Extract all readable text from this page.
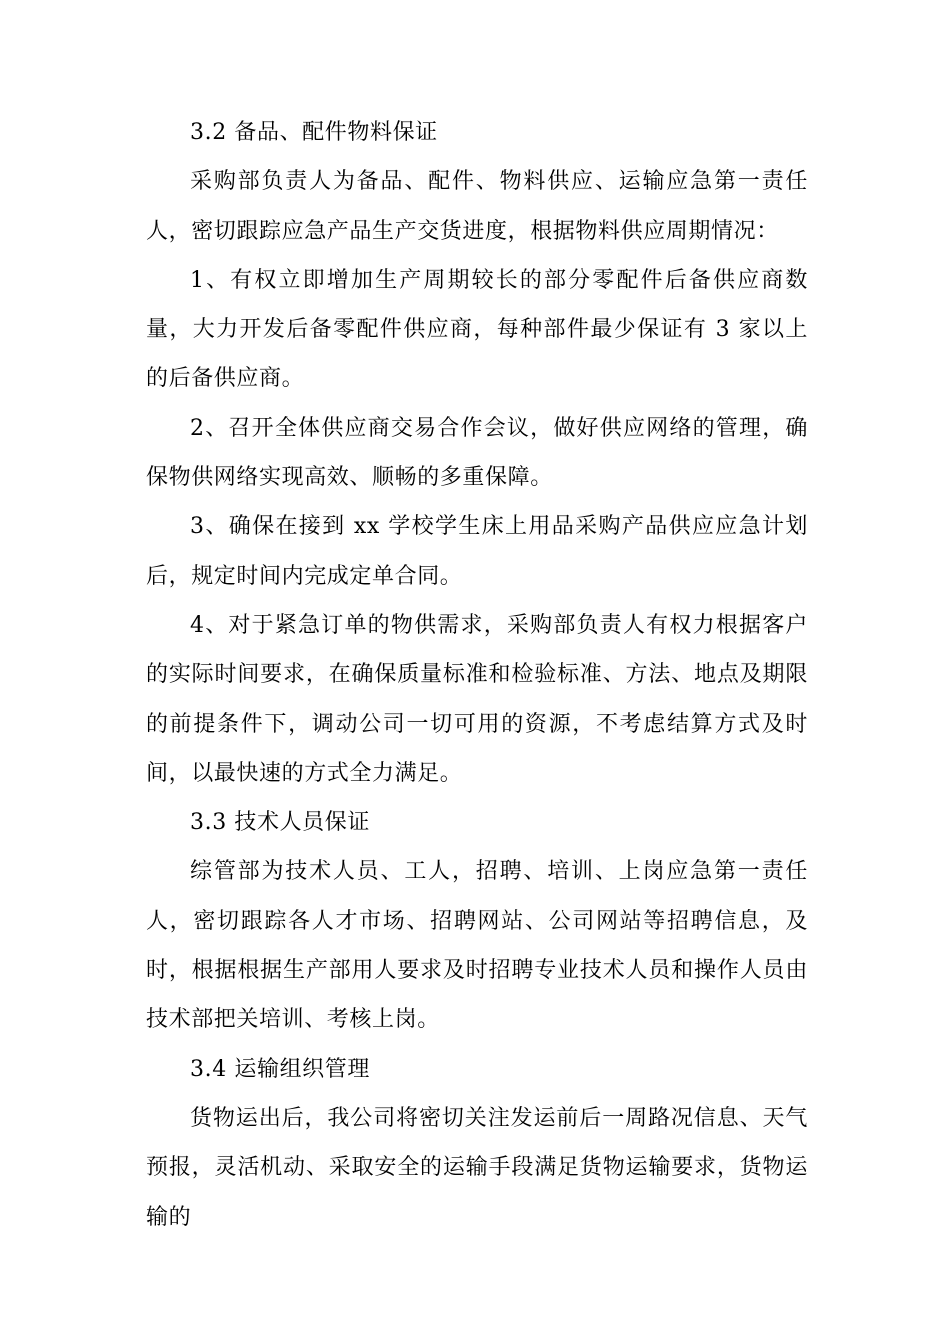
3.2 备品、配件物料保证

采购部负责人为备品、配件、物料供应、运输应急第一责任人，密切跟踪应急产品生产交货进度，根据物料供应周期情况：

1、有权立即增加生产周期较长的部分零配件后备供应商数量，大力开发后备零配件供应商，每种部件最少保证有 3 家以上的后备供应商。

2、召开全体供应商交易合作会议，做好供应网络的管理，确保物供网络实现高效、顺畅的多重保障。

3、确保在接到 xx 学校学生床上用品采购产品供应应急计划后，规定时间内完成定单合同。

4、对于紧急订单的物供需求，采购部负责人有权力根据客户的实际时间要求，在确保质量标准和检验标准、方法、地点及期限的前提条件下，调动公司一切可用的资源，不考虑结算方式及时间，以最快速的方式全力满足。

3.3 技术人员保证

综管部为技术人员、工人，招聘、培训、上岗应急第一责任人，密切跟踪各人才市场、招聘网站、公司网站等招聘信息，及时，根据根据生产部用人要求及时招聘专业技术人员和操作人员由技术部把关培训、考核上岗。

3.4 运输组织管理

货物运出后，我公司将密切关注发运前后一周路况信息、天气预报，灵活机动、采取安全的运输手段满足货物运输要求，货物运输的
